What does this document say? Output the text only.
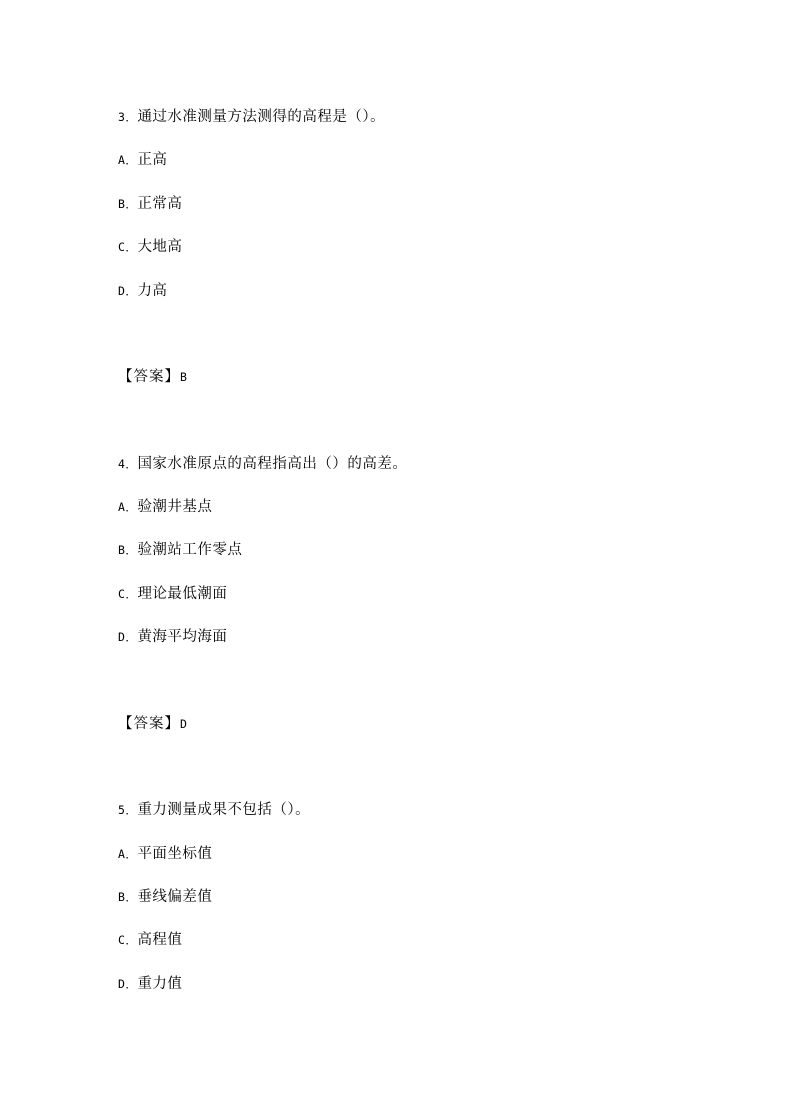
3．通过水准测量方法测得的高程是（）。
A．正高
B．正常高
C．大地高
D．力高
【答案】B
4．国家水准原点的高程指高出（）的高差。
A．验潮井基点
B．验潮站工作零点
C．理论最低潮面
D．黄海平均海面
【答案】D
5．重力测量成果不包括（）。
A．平面坐标值
B．垂线偏差值
C．高程值
D．重力值
